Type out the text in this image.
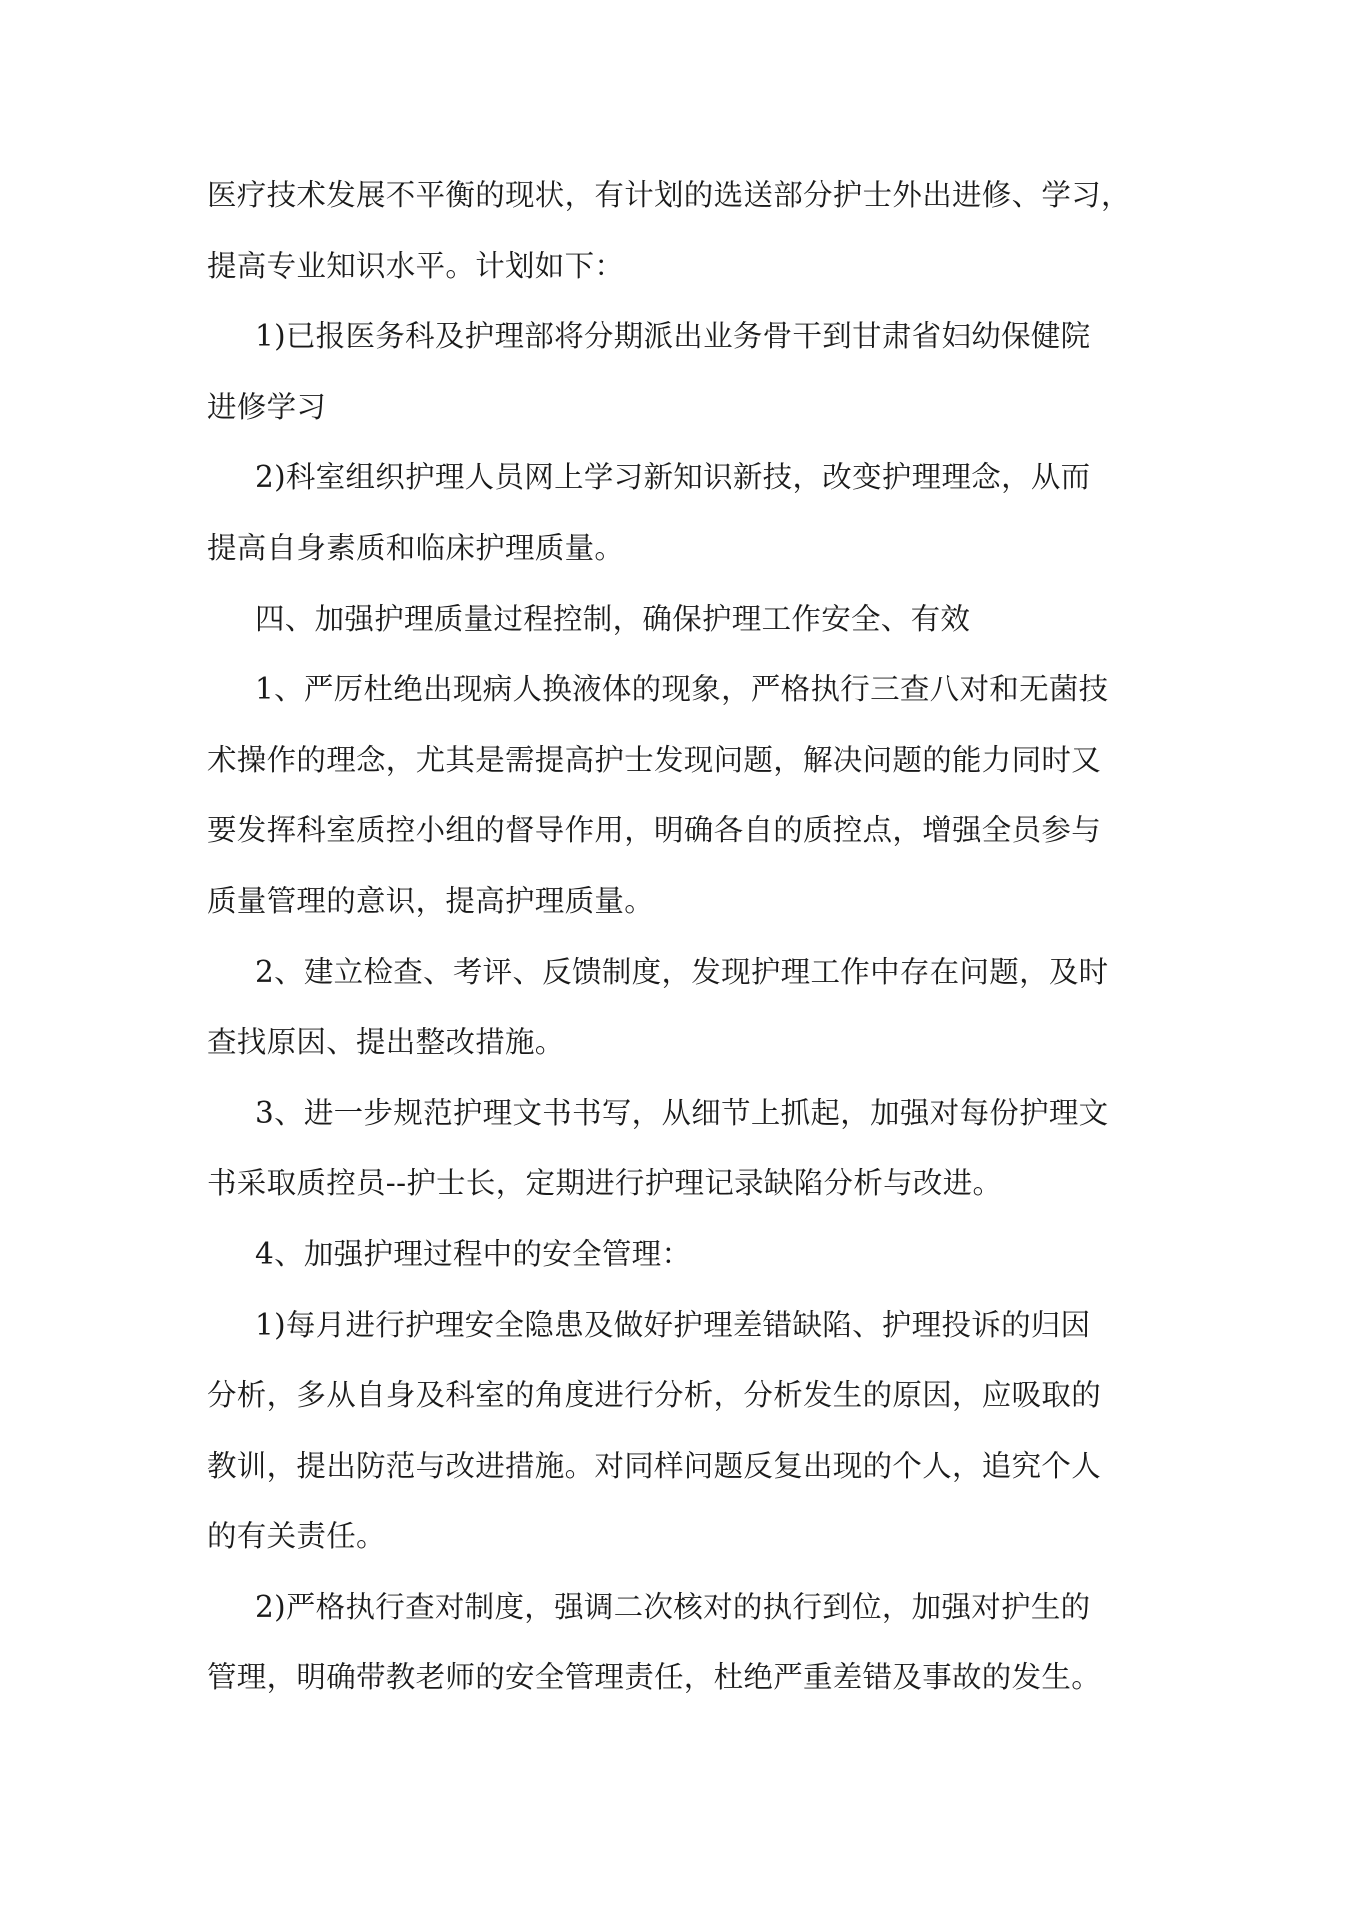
医疗技术发展不平衡的现状，有计划的选送部分护士外出进修、学习，
提高专业知识水平。计划如下：
1)已报医务科及护理部将分期派出业务骨干到甘肃省妇幼保健院
进修学习
2)科室组织护理人员网上学习新知识新技，改变护理理念，从而
提高自身素质和临床护理质量。
四、加强护理质量过程控制，确保护理工作安全、有效
1、严厉杜绝出现病人换液体的现象，严格执行三查八对和无菌技
术操作的理念，尤其是需提高护士发现问题，解决问题的能力同时又
要发挥科室质控小组的督导作用，明确各自的质控点，增强全员参与
质量管理的意识，提高护理质量。
2、建立检查、考评、反馈制度，发现护理工作中存在问题，及时
查找原因、提出整改措施。
3、进一步规范护理文书书写，从细节上抓起，加强对每份护理文
书采取质控员--护士长，定期进行护理记录缺陷分析与改进。
4、加强护理过程中的安全管理：
1)每月进行护理安全隐患及做好护理差错缺陷、护理投诉的归因
分析，多从自身及科室的角度进行分析，分析发生的原因，应吸取的
教训，提出防范与改进措施。对同样问题反复出现的个人，追究个人
的有关责任。
2)严格执行查对制度，强调二次核对的执行到位，加强对护生的
管理，明确带教老师的安全管理责任，杜绝严重差错及事故的发生。
